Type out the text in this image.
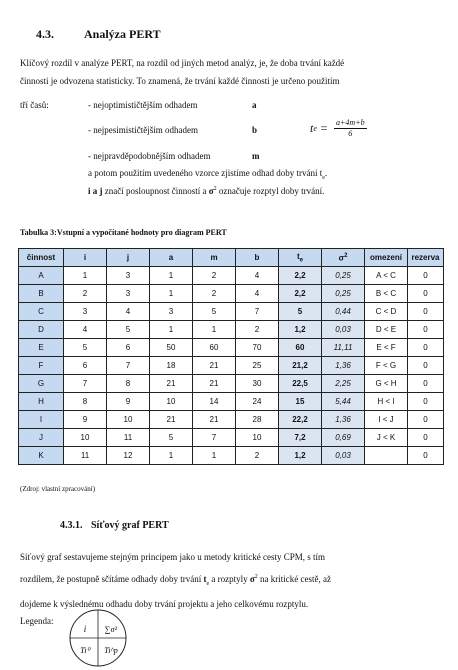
4.3.	Analýza PERT
Klíčový rozdíl v analýze PERT, na rozdíl od jiných metod analýz, je, že doba trvání každé
činnosti je odvozena statisticky. To znamená, že trvání každé činnosti je určeno použitím
tří časů:	- nejoptimističtějším odhadem	a
- nejpesimističtějším odhadem	b
- nejpravděpodobnějším odhadem	m
t $e = \frac{a+4m+b}{6}$
a potom použitím uvedeného vzorce zjistíme odhad doby trvání $t_e$.
i a j značí posloupnost činností a $\sigma^2$ označuje rozptyl doby trvání.
Tabulka 3:Vstupní a vypočítané hodnoty pro diagram PERT
činnost	i	j	a	m	b	$t_e$	$\sigma^2$	omezení	rezerva
A	1	3	1	2	4	2,2	0,25	A < C	0
B	2	3	1	2	4	2,2	0,25	B < C	0
C	3	4	3	5	7	5	0,44	C < D	0
D	4	5	1	1	2	1,2	0,03	D < E	0
E	5	6	50	60	70	60	11,11	E < F	0
F	6	7	18	21	25	21,2	1,36	F < G	0
G	7	8	21	21	30	22,5	2,25	G < H	0
H	8	9	10	14	24	15	5,44	H < I	0
I	9	10	21	21	28	22,2	1,36	I < J	0
J	10	11	5	7	10	7,2	0,69	J < K	0
K	11	12	1	1	2	1,2	0,03		0
(Zdroj: vlastní zpracování)
4.3.1. Síťový graf PERT
Síťový graf sestavujeme stejným principem jako u metody kritické cesty CPM, s tím
rozdílem, že postupně sčítáme odhady doby trvání $t_e$ a rozptyly $\sigma^2$ na kritické cestě, až
dojdeme k výslednému odhadu doby trvání projektu a jeho celkovému rozptylu.
Legenda:
i ∑σ²
Ti⁰ Ti^p
